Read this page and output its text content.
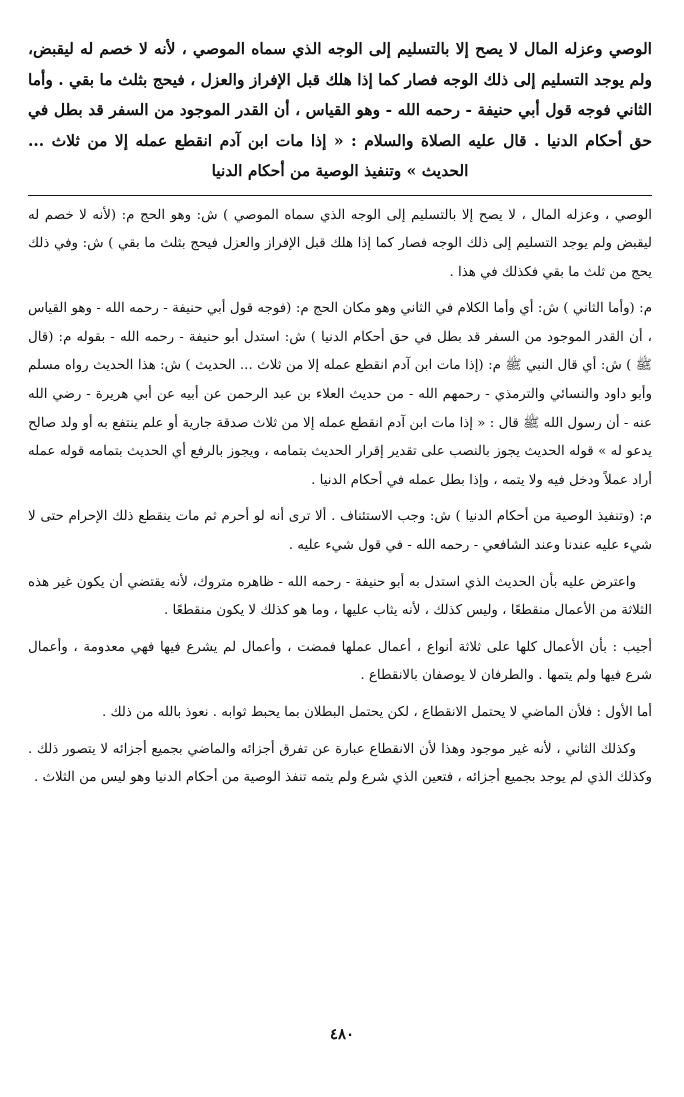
الوصي وعزله المال لا يصح إلا بالتسليم إلى الوجه الذي سماه الموصي ، لأنه لا خصم له ليقبض، ولم يوجد التسليم إلى ذلك الوجه فصار كما إذا هلك قبل الإفراز والعزل ، فيحج بثلث ما بقي . وأما الثاني فوجه قول أبي حنيفة - رحمه الله - وهو القياس ، أن القدر الموجود من السفر قد بطل في حق أحكام الدنيا . قال عليه الصلاة والسلام : « إذا مات ابن آدم انقطع عمله إلا من ثلاث ... الحديث » وتنفيذ الوصية من أحكام الدنيا

الوصي ، وعزله المال ، لا يصح إلا بالتسليم إلى الوجه الذي سماه الموصي ) ش: وهو الحج م: (لأنه لا خصم له ليقبض ولم يوجد التسليم إلى ذلك الوجه فصار كما إذا هلك قبل الإفراز والعزل فيحج بثلث ما بقي ) ش: وفي ذلك يحج من ثلث ما بقي فكذلك في هذا .

م: (وأما الثاني ) ش: أي وأما الكلام في الثاني وهو مكان الحج م: (فوجه قول أبي حنيفة - رحمه الله - وهو القياس ، أن القدر الموجود من السفر قد بطل في حق أحكام الدنيا ) ش: استدل أبو حنيفة - رحمه الله - بقوله م: (قال ﷺ ) ش: أي قال النبي ﷺ م: (إذا مات ابن آدم انقطع عمله إلا من ثلاث ... الحديث ) ش: هذا الحديث رواه مسلم وأبو داود والنسائي والترمذي - رحمهم الله - من حديث العلاء بن عبد الرحمن عن أبيه عن أبي هريرة - رضي الله عنه - أن رسول الله ﷺ قال : « إذا مات ابن آدم انقطع عمله إلا من ثلاث صدقة جارية أو علم ينتفع به أو ولد صالح يدعو له » قوله الحديث يجوز بالنصب على تقدير إقرار الحديث بتمامه ، ويجوز بالرفع أي الحديث بتمامه قوله عمله أراد عملاً ودخل فيه ولا يتمه ، وإذا بطل عمله في أحكام الدنيا .

م: (وتنفيذ الوصية من أحكام الدنيا ) ش: وجب الاستئناف . ألا ترى أنه لو أحرم ثم مات ينقطع ذلك الإحرام حتى لا شيء عليه عندنا وعند الشافعي - رحمه الله - في قول شيء عليه .

واعترض عليه بأن الحديث الذي استدل به أبو حنيفة - رحمه الله - ظاهره متروك، لأنه يقتضي أن يكون غير هذه الثلاثة من الأعمال منقطعًا ، وليس كذلك ، لأنه يثاب عليها ، وما هو كذلك لا يكون منقطعًا .

أجيب : بأن الأعمال كلها على ثلاثة أنواع ، أعمال عملها فمضت ، وأعمال لم يشرع فيها فهي معدومة ، وأعمال شرع فيها ولم يتمها . والطرفان لا يوصفان بالانقطاع .

أما الأول : فلأن الماضي لا يحتمل الانقطاع ، لكن يحتمل البطلان بما يحبط ثوابه . نعوذ بالله من ذلك .

وكذلك الثاني ، لأنه غير موجود وهذا لأن الانقطاع عبارة عن تفرق أجزائه والماضي بجميع أجزائه لا يتصور ذلك . وكذلك الذي لم يوجد بجميع أجزائه ، فتعين الذي شرع ولم يتمه تنفذ الوصية من أحكام الدنيا وهو ليس من الثلاث .

٤٨٠
